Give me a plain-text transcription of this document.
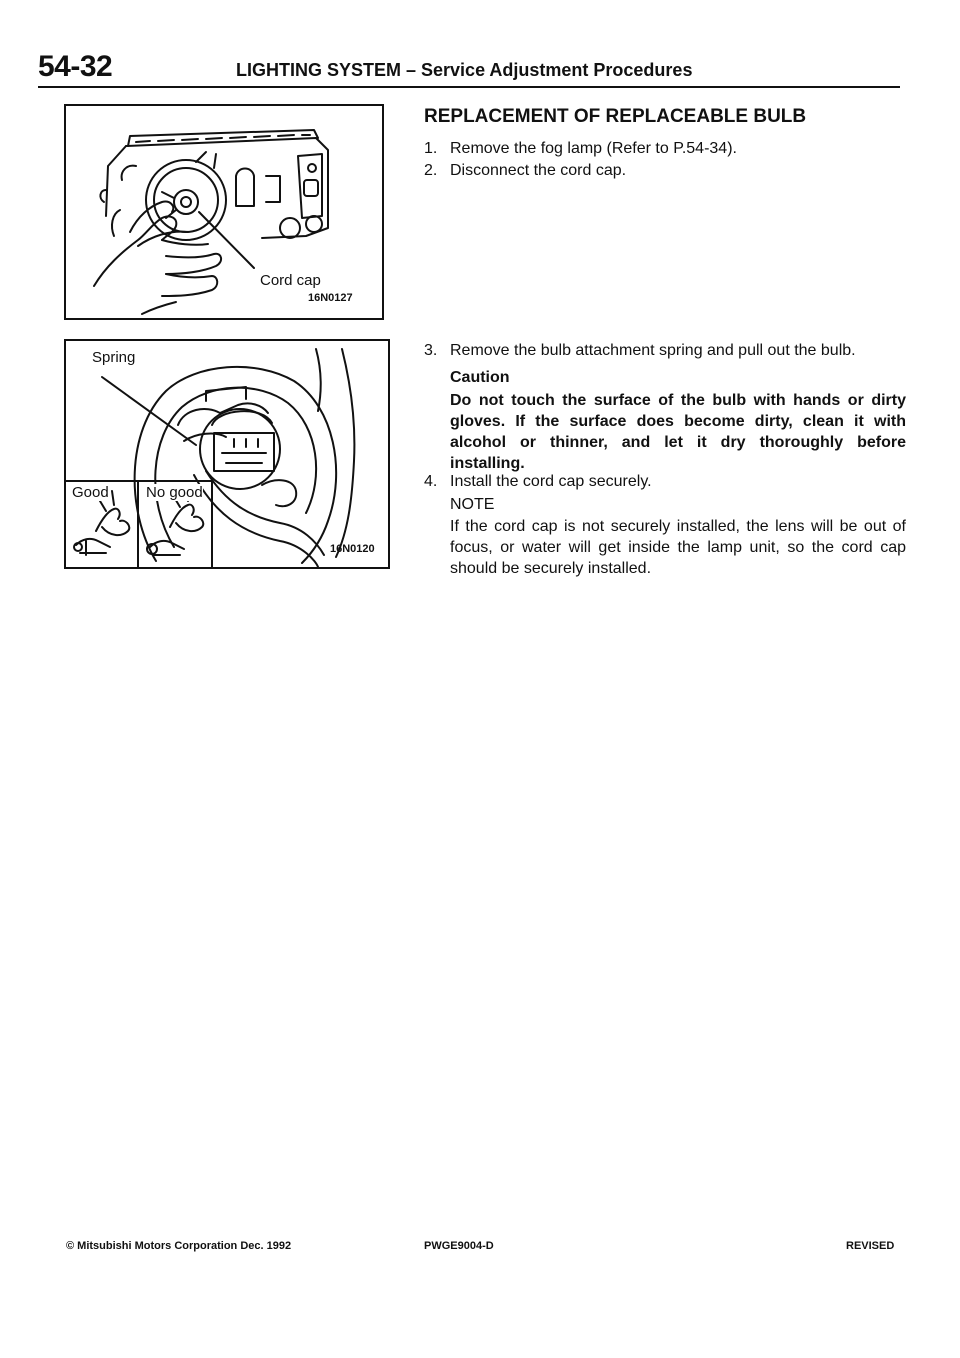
54-32	LIGHTING SYSTEM – Service Adjustment Procedures
Cord cap
16N0127
Spring
Good No good
16N0120
REPLACEMENT OF REPLACEABLE BULB
1. Remove the fog lamp (Refer to P.54-34).
2. Disconnect the cord cap.
3. Remove the bulb attachment spring and pull out the bulb.
Caution
Do not touch the surface of the bulb with hands or dirty gloves. If the surface does become dirty, clean it with alcohol or thinner, and let it dry thoroughly before installing.
4. Install the cord cap securely.
NOTE
If the cord cap is not securely installed, the lens will be out of focus, or water will get inside the lamp unit, so the cord cap should be securely installed.
© Mitsubishi Motors Corporation Dec. 1992	PWGE9004-D	REVISED
